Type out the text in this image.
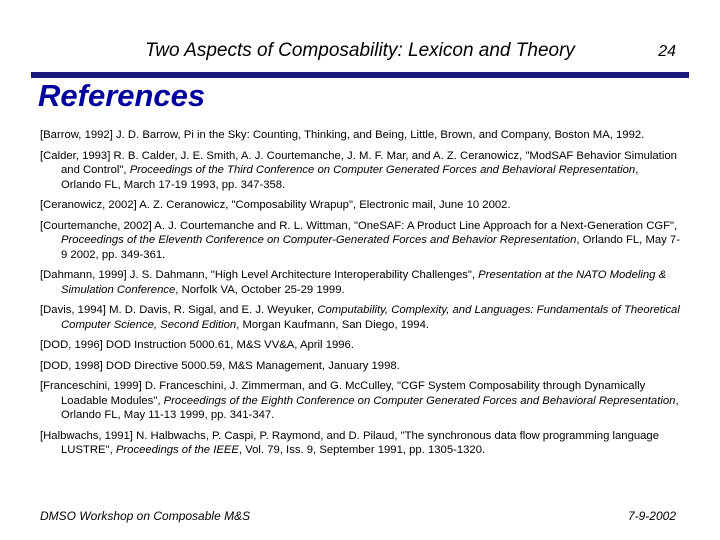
Two Aspects of Composability: Lexicon and Theory	24
References

[Barrow, 1992] J. D. Barrow, Pi in the Sky: Counting, Thinking, and Being, Little, Brown, and Company, Boston MA, 1992.

[Calder, 1993] R. B. Calder, J. E. Smith, A. J. Courtemanche, J. M. F. Mar, and A. Z. Ceranowicz, "ModSAF Behavior Simulation and Control", Proceedings of the Third Conference on Computer Generated Forces and Behavioral Representation, Orlando FL, March 17-19 1993, pp. 347-358.

[Ceranowicz, 2002] A. Z. Ceranowicz, "Composability Wrapup", Electronic mail, June 10 2002.

[Courtemanche, 2002] A. J. Courtemanche and R. L. Wittman, "OneSAF: A Product Line Approach for a Next-Generation CGF", Proceedings of the Eleventh Conference on Computer-Generated Forces and Behavior Representation, Orlando FL, May 7-9 2002, pp. 349-361.

[Dahmann, 1999] J. S. Dahmann, "High Level Architecture Interoperability Challenges", Presentation at the NATO Modeling & Simulation Conference, Norfolk VA, October 25-29 1999.

[Davis, 1994] M. D. Davis, R. Sigal, and E. J. Weyuker, Computability, Complexity, and Languages: Fundamentals of Theoretical Computer Science, Second Edition, Morgan Kaufmann, San Diego, 1994.

[DOD, 1996] DOD Instruction 5000.61, M&S VV&A, April 1996.

[DOD, 1998] DOD Directive 5000.59, M&S Management, January 1998.

[Franceschini, 1999] D. Franceschini, J. Zimmerman, and G. McCulley, "CGF System Composability through Dynamically Loadable Modules", Proceedings of the Eighth Conference on Computer Generated Forces and Behavioral Representation, Orlando FL, May 11-13 1999, pp. 341-347.

[Halbwachs, 1991] N. Halbwachs, P. Caspi, P. Raymond, and D. Pilaud, "The synchronous data flow programming language LUSTRE", Proceedings of the IEEE, Vol. 79, Iss. 9, September 1991, pp. 1305-1320.

DMSO Workshop on Composable M&S	7-9-2002
